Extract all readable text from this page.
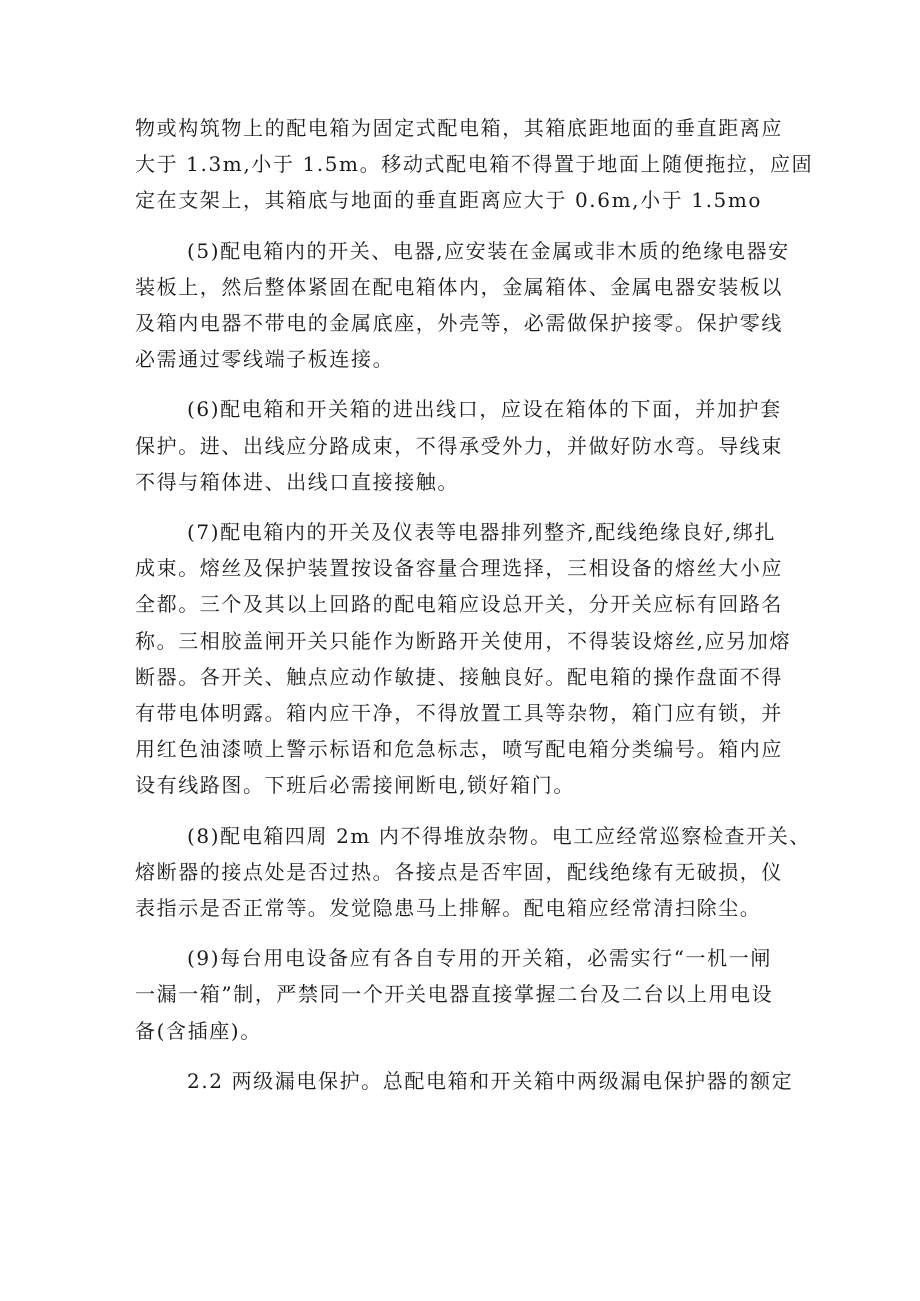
物或构筑物上的配电箱为固定式配电箱，其箱底距地面的垂直距离应
大于 1.3m,小于 1.5m。移动式配电箱不得置于地面上随便拖拉，应固
定在支架上，其箱底与地面的垂直距离应大于 0.6m,小于 1.5mo

(5)配电箱内的开关、电器,应安装在金属或非木质的绝缘电器安
装板上，然后整体紧固在配电箱体内，金属箱体、金属电器安装板以
及箱内电器不带电的金属底座，外壳等，必需做保护接零。保护零线
必需通过零线端子板连接。

(6)配电箱和开关箱的进出线口，应设在箱体的下面，并加护套
保护。进、出线应分路成束，不得承受外力，并做好防水弯。导线束
不得与箱体进、出线口直接接触。

(7)配电箱内的开关及仪表等电器排列整齐,配线绝缘良好,绑扎
成束。熔丝及保护装置按设备容量合理选择，三相设备的熔丝大小应
全都。三个及其以上回路的配电箱应设总开关，分开关应标有回路名
称。三相胶盖闸开关只能作为断路开关使用，不得装设熔丝,应另加熔
断器。各开关、触点应动作敏捷、接触良好。配电箱的操作盘面不得
有带电体明露。箱内应干净，不得放置工具等杂物，箱门应有锁，并
用红色油漆喷上警示标语和危急标志，喷写配电箱分类编号。箱内应
设有线路图。下班后必需接闸断电,锁好箱门。

(8)配电箱四周 2m 内不得堆放杂物。电工应经常巡察检查开关、
熔断器的接点处是否过热。各接点是否牢固，配线绝缘有无破损，仪
表指示是否正常等。发觉隐患马上排解。配电箱应经常清扫除尘。

(9)每台用电设备应有各自专用的开关箱，必需实行“一机一闸
一漏一箱”制，严禁同一个开关电器直接掌握二台及二台以上用电设
备(含插座)。

2.2 两级漏电保护。总配电箱和开关箱中两级漏电保护器的额定
